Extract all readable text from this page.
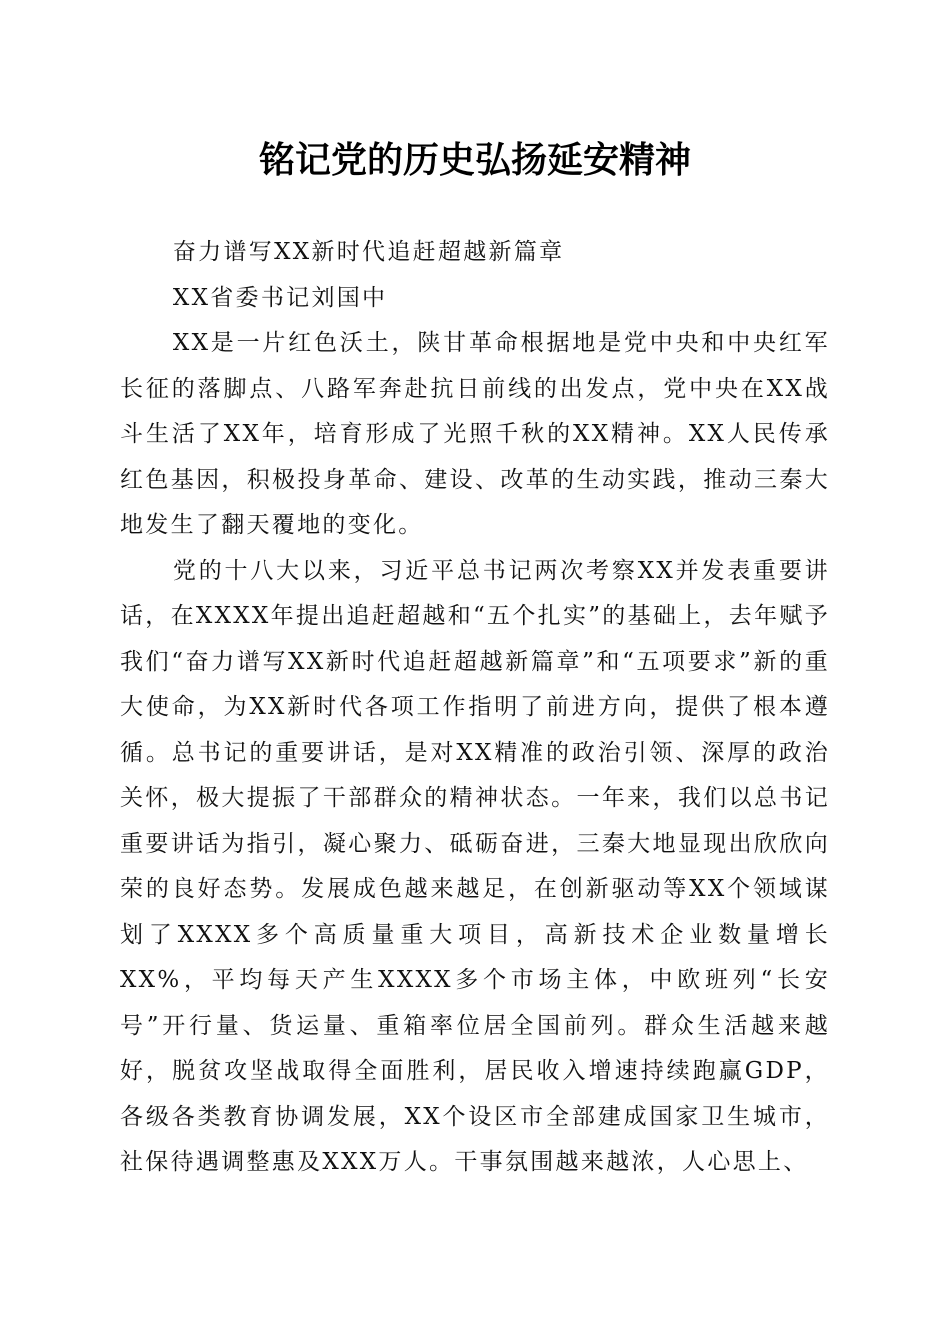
铭记党的历史弘扬延安精神

奋力谱写XX新时代追赶超越新篇章

XX省委书记刘国中

XX是一片红色沃土，陕甘革命根据地是党中央和中央红军长征的落脚点、八路军奔赴抗日前线的出发点，党中央在XX战斗生活了XX年，培育形成了光照千秋的XX精神。XX人民传承红色基因，积极投身革命、建设、改革的生动实践，推动三秦大地发生了翻天覆地的变化。

党的十八大以来，习近平总书记两次考察XX并发表重要讲话，在XXXX年提出追赶超越和“五个扎实”的基础上，去年赋予我们“奋力谱写XX新时代追赶超越新篇章”和“五项要求”新的重大使命，为XX新时代各项工作指明了前进方向，提供了根本遵循。总书记的重要讲话，是对XX精准的政治引领、深厚的政治关怀，极大提振了干部群众的精神状态。一年来，我们以总书记重要讲话为指引，凝心聚力、砥砺奋进，三秦大地显现出欣欣向荣的良好态势。发展成色越来越足，在创新驱动等XX个领域谋划了XXXX多个高质量重大项目，高新技术企业数量增长XX%，平均每天产生XXXX多个市场主体，中欧班列“长安号”开行量、货运量、重箱率位居全国前列。群众生活越来越好，脱贫攻坚战取得全面胜利，居民收入增速持续跑赢GDP，各级各类教育协调发展，XX个设区市全部建成国家卫生城市，社保待遇调整惠及XXX万人。干事氛围越来越浓，人心思上、
